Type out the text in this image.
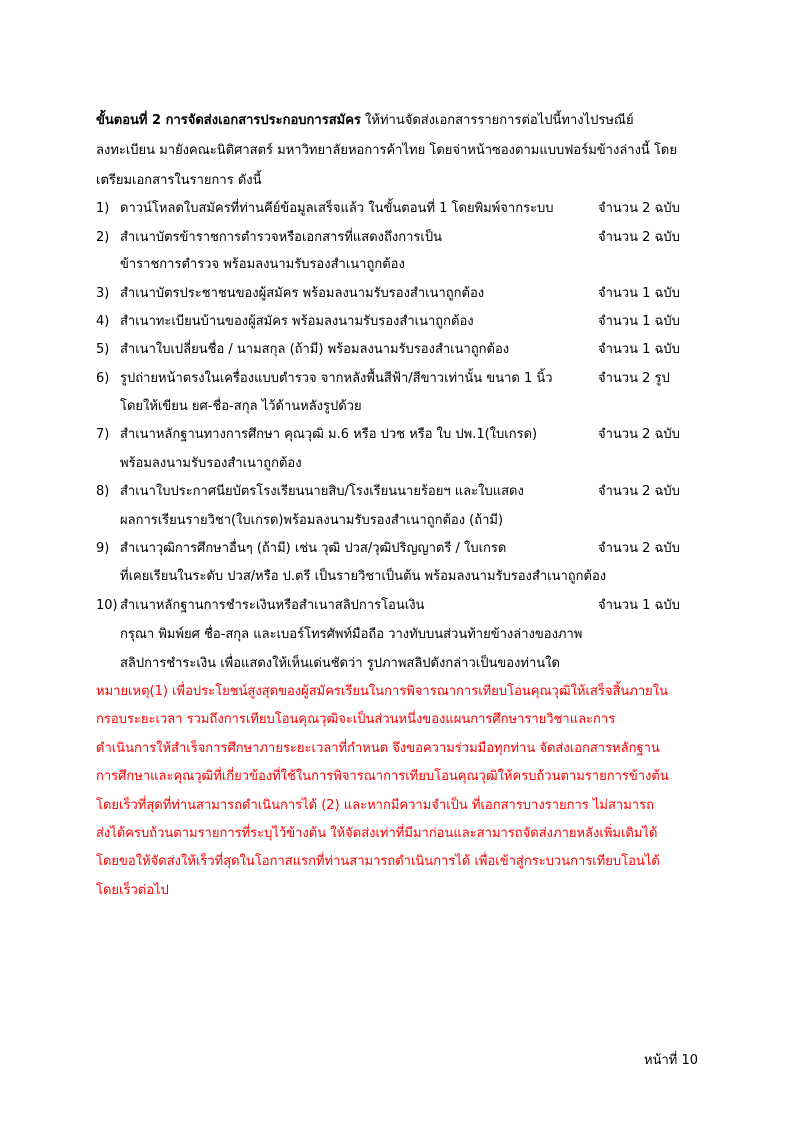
ขั้นตอนที่ 2 การจัดส่งเอกสารประกอบการสมัคร ให้ท่านจัดส่งเอกสารรายการต่อไปนี้ทางไปรษณีย์
ลงทะเบียน มายังคณะนิติศาสตร์ มหาวิทยาลัยหอการค้าไทย โดยจ่าหน้าซองตามแบบฟอร์มข้างล่างนี้ โดย
เตรียมเอกสารในรายการ ดังนี้
1) ดาวน์โหลดใบสมัครที่ท่านคีย์ข้อมูลเสร็จแล้ว ในขั้นตอนที่ 1 โดยพิมพ์จากระบบ	จำนวน 2 ฉบับ
2) สำเนาบัตรข้าราชการตำรวจหรือเอกสารที่แสดงถึงการเป็น	จำนวน 2 ฉบับ
ข้าราชการตำรวจ พร้อมลงนามรับรองสำเนาถูกต้อง
3) สำเนาบัตรประชาชนของผู้สมัคร พร้อมลงนามรับรองสำเนาถูกต้อง	จำนวน 1 ฉบับ
4) สำเนาทะเบียนบ้านของผู้สมัคร พร้อมลงนามรับรองสำเนาถูกต้อง	จำนวน 1 ฉบับ
5) สำเนาใบเปลี่ยนชื่อ / นามสกุล (ถ้ามี) พร้อมลงนามรับรองสำเนาถูกต้อง	จำนวน 1 ฉบับ
6) รูปถ่ายหน้าตรงในเครื่องแบบตำรวจ จากหลังพื้นสีฟ้า/สีขาวเท่านั้น ขนาด 1 นิ้ว	จำนวน 2 รูป
โดยให้เขียน ยศ-ชื่อ-สกุล ไว้ด้านหลังรูปด้วย
7) สำเนาหลักฐานทางการศึกษา คุณวุฒิ ม.6 หรือ ปวช หรือ ใบ ปพ.1(ใบเกรด)	จำนวน 2 ฉบับ
พร้อมลงนามรับรองสำเนาถูกต้อง
8) สำเนาใบประกาศนียบัตรโรงเรียนนายสิบ/โรงเรียนนายร้อยฯ และใบแสดง	จำนวน 2 ฉบับ
ผลการเรียนรายวิชา(ใบเกรด)พร้อมลงนามรับรองสำเนาถูกต้อง (ถ้ามี)
9) สำเนาวุฒิการศึกษาอื่นๆ (ถ้ามี) เช่น วุฒิ ปวส/วุฒิปริญญาตรี / ใบเกรด	จำนวน 2 ฉบับ
ที่เคยเรียนในระดับ ปวส/หรือ ป.ตรี เป็นรายวิชาเป็นต้น พร้อมลงนามรับรองสำเนาถูกต้อง
10) สำเนาหลักฐานการชำระเงินหรือสำเนาสลิปการโอนเงิน	จำนวน 1 ฉบับ
กรุณา พิมพ์ยศ ชื่อ-สกุล และเบอร์โทรศัพท์มือถือ วางทับบนส่วนท้ายข้างล่างของภาพ
สลิปการชำระเงิน เพื่อแสดงให้เห็นเด่นชัดว่า รูปภาพสลิปดังกล่าวเป็นของท่านใด
หมายเหตุ(1) เพื่อประโยชน์สูงสุดของผู้สมัครเรียนในการพิจารณาการเทียบโอนคุณวุฒิให้เสร็จสิ้นภายใน
กรอบระยะเวลา รวมถึงการเทียบโอนคุณวุฒิจะเป็นส่วนหนึ่งของแผนการศึกษารายวิชาและการ
ดำเนินการให้สำเร็จการศึกษาภายระยะเวลาที่กำหนด จึงขอความร่วมมือทุกท่าน จัดส่งเอกสารหลักฐาน
การศึกษาและคุณวุฒิที่เกี่ยวข้องที่ใช้ในการพิจารณาการเทียบโอนคุณวุฒิให้ครบถ้วนตามรายการข้างต้น
โดยเร็วที่สุดที่ท่านสามารถดำเนินการได้ (2) และหากมีความจำเป็น ที่เอกสารบางรายการ ไม่สามารถ
ส่งได้ครบถ้วนตามรายการที่ระบุไว้ข้างต้น ให้จัดส่งเท่าที่มีมาก่อนและสามารถจัดส่งภายหลังเพิ่มเติมได้
โดยขอให้จัดส่งให้เร็วที่สุดในโอกาสแรกที่ท่านสามารถดำเนินการได้ เพื่อเข้าสู่กระบวนการเทียบโอนได้
โดยเร็วต่อไป
หน้าที่ 10
